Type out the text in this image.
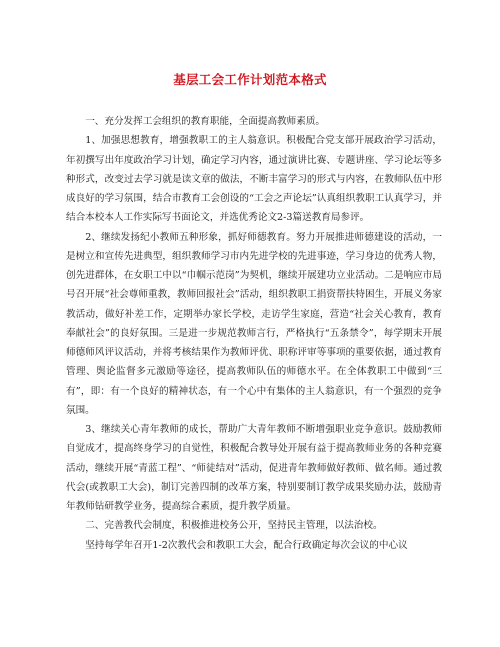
基层工会工作计划范本格式

一、充分发挥工会组织的教育职能，全面提高教师素质。

1、加强思想教育，增强教职工的主人翁意识。积极配合党支部开展政治学习活动，年初撰写出年度政治学习计划，确定学习内容，通过演讲比赛、专题讲座、学习论坛等多种形式，改变过去学习就是读文章的做法，不断丰富学习的形式与内容，在教师队伍中形成良好的学习氛围，结合市教育工会创设的“工会之声论坛”认真组织教职工认真学习，并结合本校本人工作实际写书面论文，并选优秀论文2-3篇送教育局参评。

2、继续发扬纪小教师五种形象，抓好师德教育。努力开展推进师德建设的活动，一是树立和宣传先进典型，组织教师学习市内先进学校的先进事迹，学习身边的优秀人物，创先进群体，在女职工中以“巾帼示范岗”为契机，继续开展建功立业活动。二是响应市局号召开展“社会尊师重教，教师回报社会”活动，组织教职工捐资帮扶特困生，开展义务家教活动，做好补差工作，定期举办家长学校，走访学生家庭，营造“社会关心教育，教育奉献社会”的良好氛围。三是进一步规范教师言行，严格执行“五条禁令”，每学期末开展师德师风评议活动，并将考核结果作为教师评优、职称评审等事项的重要依据，通过教育管理、舆论监督多元激励等途径，提高教师队伍的师德水平。在全体教职工中做到“三有”，即：有一个良好的精神状态，有一个心中有集体的主人翁意识，有一个强烈的竞争氛围。

3、继续关心青年教师的成长，帮助广大青年教师不断增强职业竞争意识。鼓励教师自觉成才，提高终身学习的自觉性，积极配合教导处开展有益于提高教师业务的各种竞赛活动，继续开展“青蓝工程”、“师徒结对”活动，促进青年教师做好教师、做名师。通过教代会(或教职工大会)，制订完善四制的改革方案，特别要制订教学成果奖励办法，鼓励青年教师钻研教学业务，提高综合素质，提升教学质量。

二、完善教代会制度，积极推进校务公开，坚持民主管理，以法治校。

坚持每学年召开1-2次教代会和教职工大会，配合行政确定每次会议的中心议
